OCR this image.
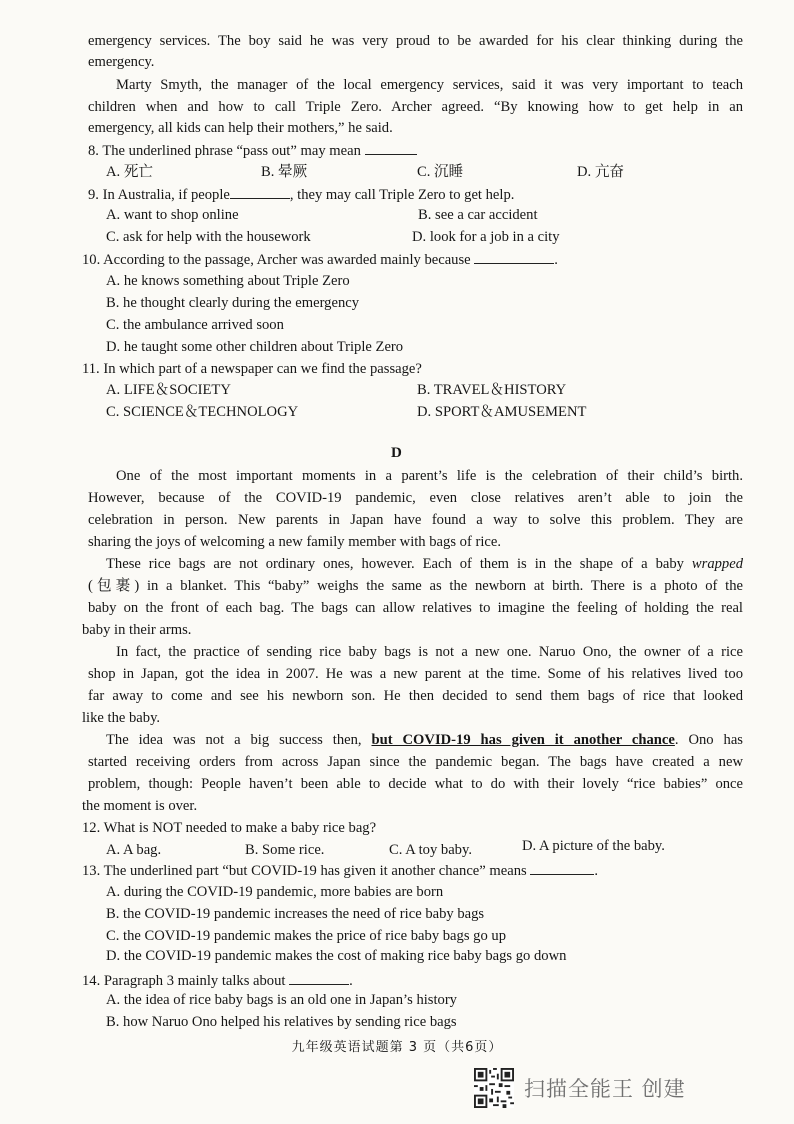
emergency services. The boy said he was very proud to be awarded for his clear thinking during the
emergency.
Marty Smyth, the manager of the local emergency services, said it was very important to teach
children when and how to call Triple Zero. Archer agreed. “By knowing how to get help in an
emergency, all kids can help their mothers,” he said.
8. The underlined phrase “pass out” may mean
A. 死亡	B. 晕厥	C. 沉睡	D. 亢奋
9. In Australia, if people	, they may call Triple Zero to get help.
A. want to shop online	B. see a car accident
C. ask for help with the housework	D. look for a job in a city
10. According to the passage, Archer was awarded mainly because	.
A. he knows something about Triple Zero
B. he thought clearly during the emergency
C. the ambulance arrived soon
D. he taught some other children about Triple Zero
11. In which part of a newspaper can we find the passage?
A. LIFE＆SOCIETY	B. TRAVEL＆HISTORY
C. SCIENCE＆TECHNOLOGY	D. SPORT＆AMUSEMENT
D
One of the most important moments in a parent’s life is the celebration of their child’s birth.
However, because of the COVID-19 pandemic, even close relatives aren’t able to join the
celebration in person. New parents in Japan have found a way to solve this problem. They are
sharing the joys of welcoming a new family member with bags of rice.
These rice bags are not ordinary ones, however. Each of them is in the shape of a baby wrapped
(包裹) in a blanket. This “baby” weighs the same as the newborn at birth. There is a photo of the
baby on the front of each bag. The bags can allow relatives to imagine the feeling of holding the real
baby in their arms.
In fact, the practice of sending rice baby bags is not a new one. Naruo Ono, the owner of a rice
shop in Japan, got the idea in 2007. He was a new parent at the time. Some of his relatives lived too
far away to come and see his newborn son. He then decided to send them bags of rice that looked
like the baby.
The idea was not a big success then, but COVID-19 has given it another chance. Ono has
started receiving orders from across Japan since the pandemic began. The bags have created a new
problem, though: People haven’t been able to decide what to do with their lovely “rice babies” once
the moment is over.
12. What is NOT needed to make a baby rice bag?
A. A bag.	B. Some rice.	C. A toy baby.	D. A picture of the baby.
13. The underlined part “but COVID-19 has given it another chance” means	.
A. during the COVID-19 pandemic, more babies are born
B. the COVID-19 pandemic increases the need of rice baby bags
C. the COVID-19 pandemic makes the price of rice baby bags go up
D. the COVID-19 pandemic makes the cost of making rice baby bags go down
14. Paragraph 3 mainly talks about	.
A. the idea of rice baby bags is an old one in Japan’s history
B. how Naruo Ono helped his relatives by sending rice bags
九年级英语试题第 3 页（共6页）
扫描全能王 创建
